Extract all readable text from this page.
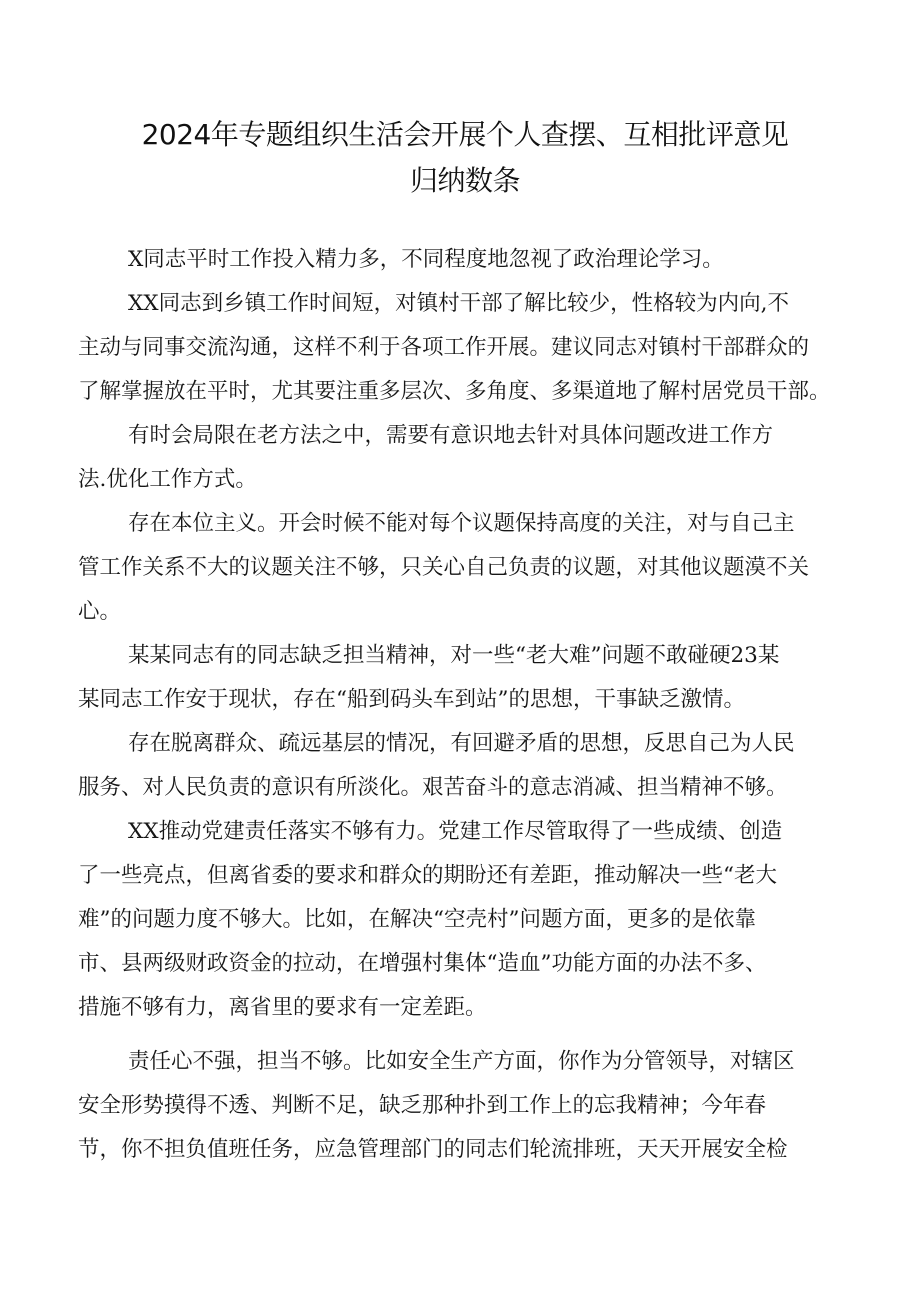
2024年专题组织生活会开展个人查摆、互相批评意见
归纳数条

X同志平时工作投入精力多，不同程度地忽视了政治理论学习。

XX同志到乡镇工作时间短，对镇村干部了解比较少，性格较为内向,不
主动与同事交流沟通，这样不利于各项工作开展。建议同志对镇村干部群众的
了解掌握放在平时，尤其要注重多层次、多角度、多渠道地了解村居党员干部。

有时会局限在老方法之中，需要有意识地去针对具体问题改进工作方
法.优化工作方式。

存在本位主义。开会时候不能对每个议题保持高度的关注，对与自己主
管工作关系不大的议题关注不够，只关心自己负责的议题，对其他议题漠不关
心。

某某同志有的同志缺乏担当精神，对一些“老大难”问题不敢碰硬23某
某同志工作安于现状，存在“船到码头车到站”的思想，干事缺乏激情。

存在脱离群众、疏远基层的情况，有回避矛盾的思想，反思自己为人民
服务、对人民负责的意识有所淡化。艰苦奋斗的意志消减、担当精神不够。

XX推动党建责任落实不够有力。党建工作尽管取得了一些成绩、创造
了一些亮点，但离省委的要求和群众的期盼还有差距，推动解决一些“老大
难”的问题力度不够大。比如，在解决“空壳村”问题方面，更多的是依靠
市、县两级财政资金的拉动，在增强村集体“造血”功能方面的办法不多、
措施不够有力，离省里的要求有一定差距。

责任心不强，担当不够。比如安全生产方面，你作为分管领导，对辖区
安全形势摸得不透、判断不足，缺乏那种扑到工作上的忘我精神；今年春
节，你不担负值班任务，应急管理部门的同志们轮流排班，天天开展安全检
